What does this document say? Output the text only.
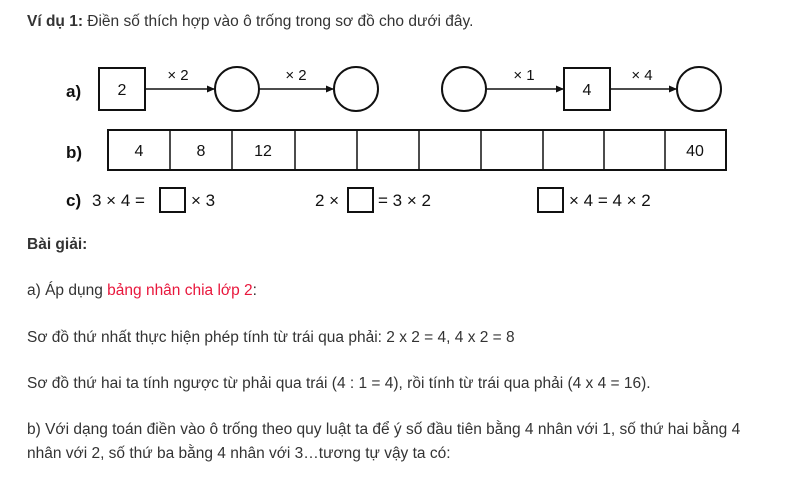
Ví dụ 1: Điền số thích hợp vào ô trống trong sơ đồ cho dưới đây.
a) 2
× 2	× 2	× 1
4
× 4
b)	4	8	12	40
c) 3 × 4 =	× 3	2 × = 3 × 2	× 4 = 4 × 2
Bài giải:
a) Áp dụng bảng nhân chia lớp 2:
Sơ đồ thứ nhất thực hiện phép tính từ trái qua phải: 2 x 2 = 4, 4 x 2 = 8
Sơ đồ thứ hai ta tính ngược từ phải qua trái (4 : 1 = 4), rồi tính từ trái qua phải (4 x 4 = 16).
b) Với dạng toán điền vào ô trống theo quy luật ta để ý số đầu tiên bằng 4 nhân với 1, số thứ hai bằng 4
nhân với 2, số thứ ba bằng 4 nhân với 3…tương tự vậy ta có:
